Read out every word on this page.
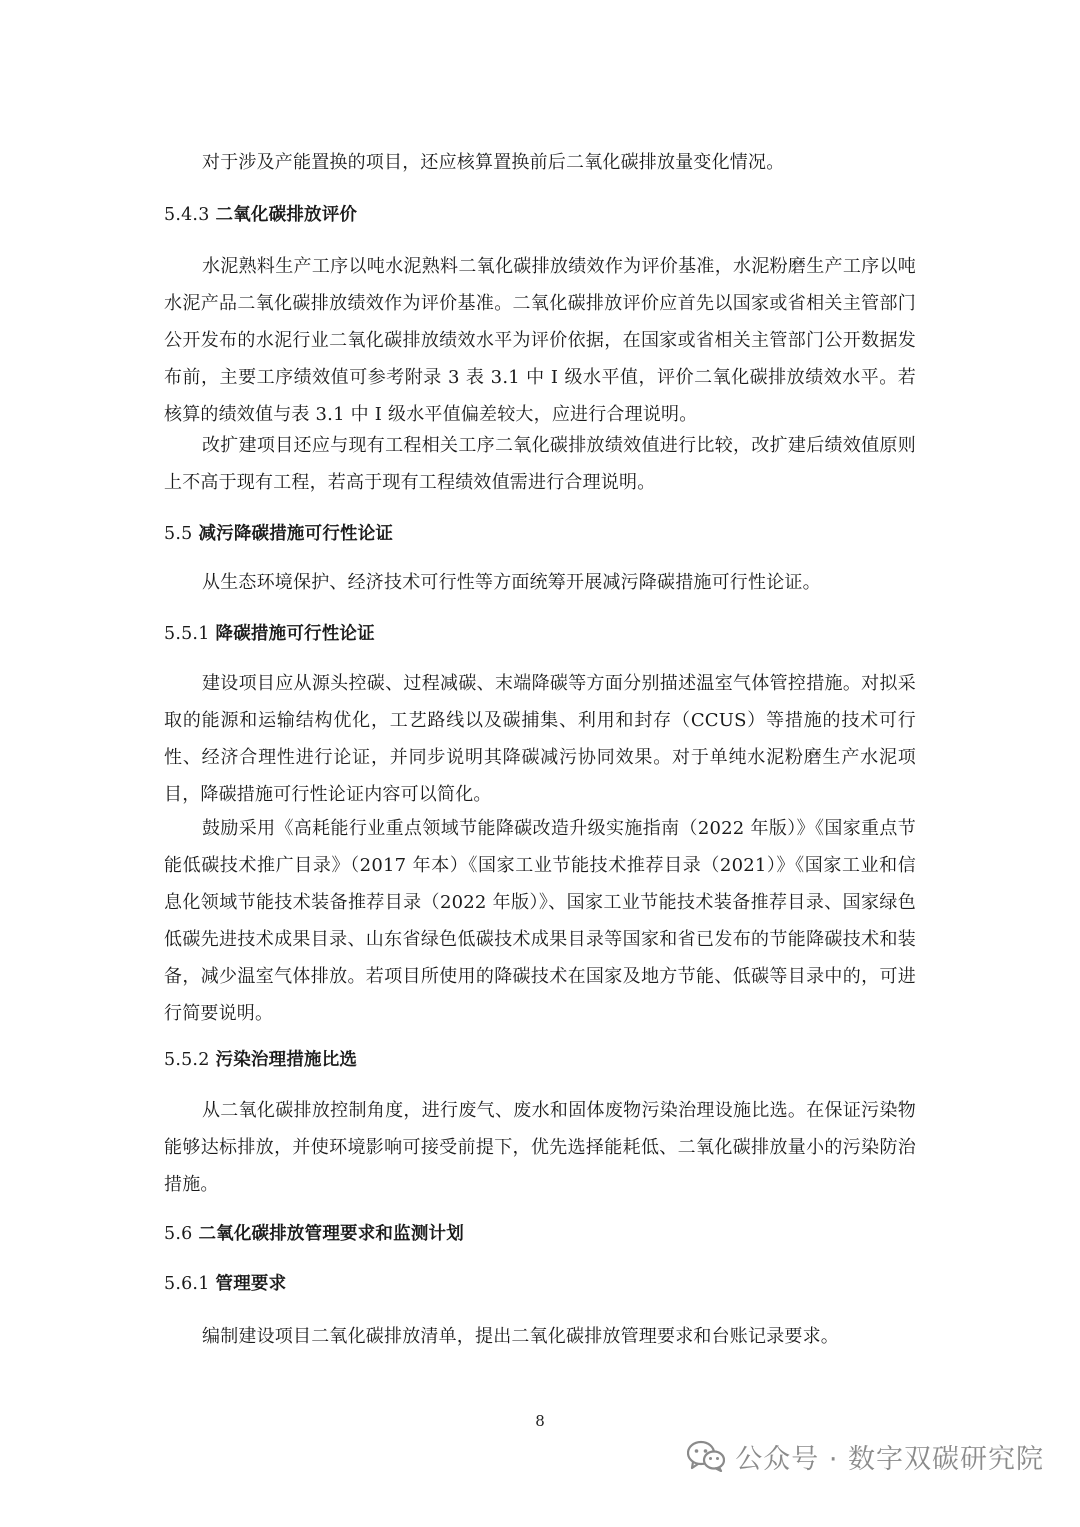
对于涉及产能置换的项目，还应核算置换前后二氧化碳排放量变化情况。

5.4.3 二氧化碳排放评价

水泥熟料生产工序以吨水泥熟料二氧化碳排放绩效作为评价基准，水泥粉磨生产工序以吨水泥产品二氧化碳排放绩效作为评价基准。二氧化碳排放评价应首先以国家或省相关主管部门公开发布的水泥行业二氧化碳排放绩效水平为评价依据，在国家或省相关主管部门公开数据发布前，主要工序绩效值可参考附录 3 表 3.1 中 I 级水平值，评价二氧化碳排放绩效水平。若核算的绩效值与表 3.1 中 I 级水平值偏差较大，应进行合理说明。

改扩建项目还应与现有工程相关工序二氧化碳排放绩效值进行比较，改扩建后绩效值原则上不高于现有工程，若高于现有工程绩效值需进行合理说明。

5.5 减污降碳措施可行性论证

从生态环境保护、经济技术可行性等方面统筹开展减污降碳措施可行性论证。

5.5.1 降碳措施可行性论证

建设项目应从源头控碳、过程减碳、末端降碳等方面分别描述温室气体管控措施。对拟采取的能源和运输结构优化，工艺路线以及碳捕集、利用和封存（CCUS）等措施的技术可行性、经济合理性进行论证，并同步说明其降碳减污协同效果。对于单纯水泥粉磨生产水泥项目，降碳措施可行性论证内容可以简化。

鼓励采用《高耗能行业重点领域节能降碳改造升级实施指南（2022 年版）》《国家重点节能低碳技术推广目录》（2017 年本）《国家工业节能技术推荐目录（2021）》《国家工业和信息化领域节能技术装备推荐目录（2022 年版）》、国家工业节能技术装备推荐目录、国家绿色低碳先进技术成果目录、山东省绿色低碳技术成果目录等国家和省已发布的节能降碳技术和装备，减少温室气体排放。若项目所使用的降碳技术在国家及地方节能、低碳等目录中的，可进行简要说明。

5.5.2 污染治理措施比选

从二氧化碳排放控制角度，进行废气、废水和固体废物污染治理设施比选。在保证污染物能够达标排放，并使环境影响可接受前提下，优先选择能耗低、二氧化碳排放量小的污染防治措施。

5.6 二氧化碳排放管理要求和监测计划
5.6.1 管理要求

编制建设项目二氧化碳排放清单，提出二氧化碳排放管理要求和台账记录要求。

8
公众号 · 数字双碳研究院
